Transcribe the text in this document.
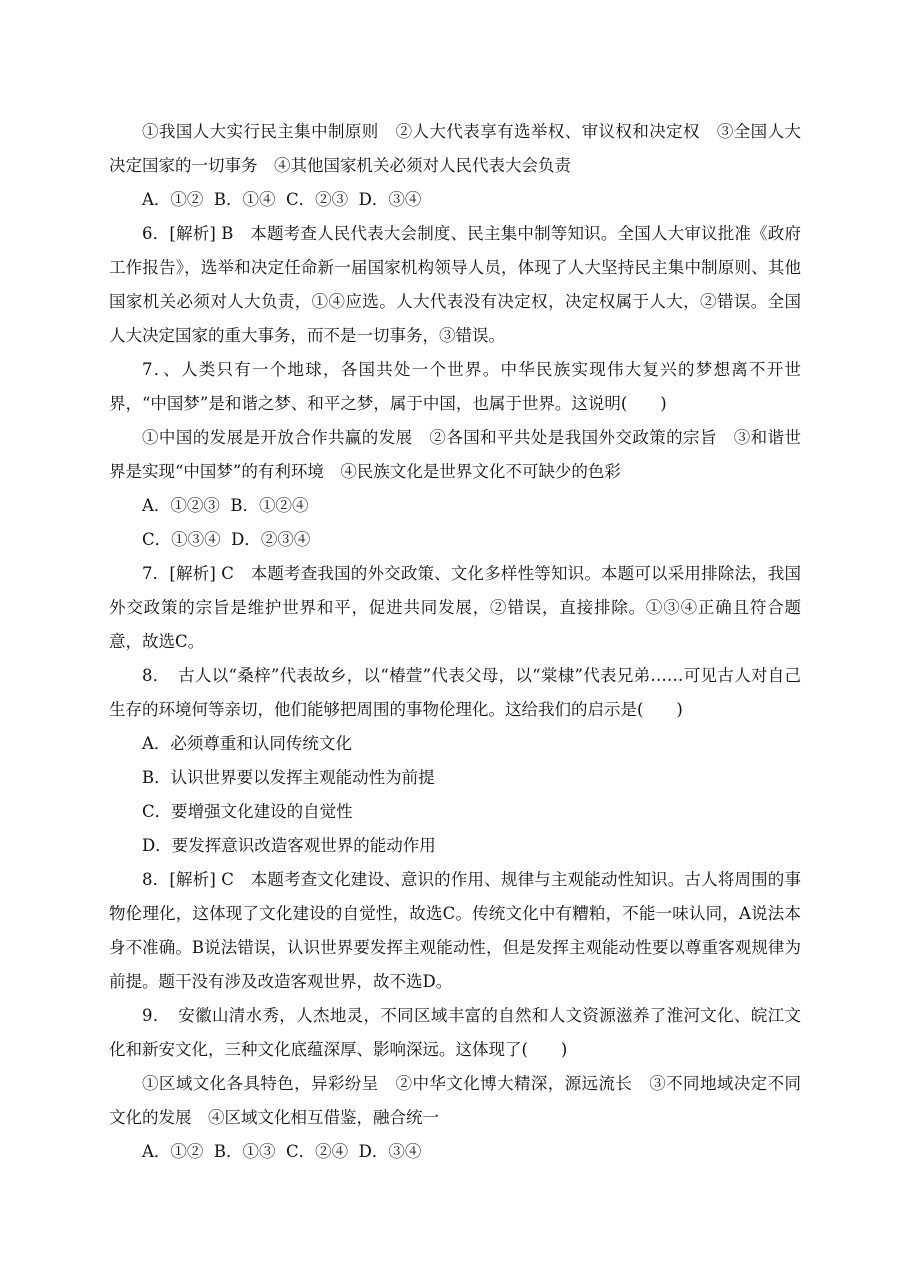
①我国人大实行民主集中制原则　②人大代表享有选举权、审议权和决定权　③全国人大决定国家的一切事务　④其他国家机关必须对人民代表大会负责

A．①②  B．①④  C．②③  D．③④

6．[解析] B　本题考查人民代表大会制度、民主集中制等知识。全国人大审议批准《政府工作报告》，选举和决定任命新一届国家机构领导人员，体现了人大坚持民主集中制原则、其他国家机关必须对人大负责，①④应选。人大代表没有决定权，决定权属于人大，②错误。全国人大决定国家的重大事务，而不是一切事务，③错误。

7．、人类只有一个地球，各国共处一个世界。中华民族实现伟大复兴的梦想离不开世界，“中国梦”是和谐之梦、和平之梦，属于中国，也属于世界。这说明(　　)

①中国的发展是开放合作共赢的发展　②各国和平共处是我国外交政策的宗旨　③和谐世界是实现“中国梦”的有利环境　④民族文化是世界文化不可缺少的色彩

A．①②③  B．①②④

C．①③④  D．②③④

7．[解析] C　本题考查我国的外交政策、文化多样性等知识。本题可以采用排除法，我国外交政策的宗旨是维护世界和平，促进共同发展，②错误，直接排除。①③④正确且符合题意，故选C。

8．　古人以“桑梓”代表故乡，以“椿萱”代表父母，以“棠棣”代表兄弟……可见古人对自己生存的环境何等亲切，他们能够把周围的事物伦理化。这给我们的启示是(　　)

A．必须尊重和认同传统文化

B．认识世界要以发挥主观能动性为前提

C．要增强文化建设的自觉性

D．要发挥意识改造客观世界的能动作用

8．[解析] C　本题考查文化建设、意识的作用、规律与主观能动性知识。古人将周围的事物伦理化，这体现了文化建设的自觉性，故选C。传统文化中有糟粕，不能一味认同，A说法本身不准确。B说法错误，认识世界要发挥主观能动性，但是发挥主观能动性要以尊重客观规律为前提。题干没有涉及改造客观世界，故不选D。

9．　安徽山清水秀，人杰地灵，不同区域丰富的自然和人文资源滋养了淮河文化、皖江文化和新安文化，三种文化底蕴深厚、影响深远。这体现了(　　)

①区域文化各具特色，异彩纷呈　②中华文化博大精深，源远流长　③不同地域决定不同文化的发展　④区域文化相互借鉴，融合统一

A．①②  B．①③  C．②④  D．③④
